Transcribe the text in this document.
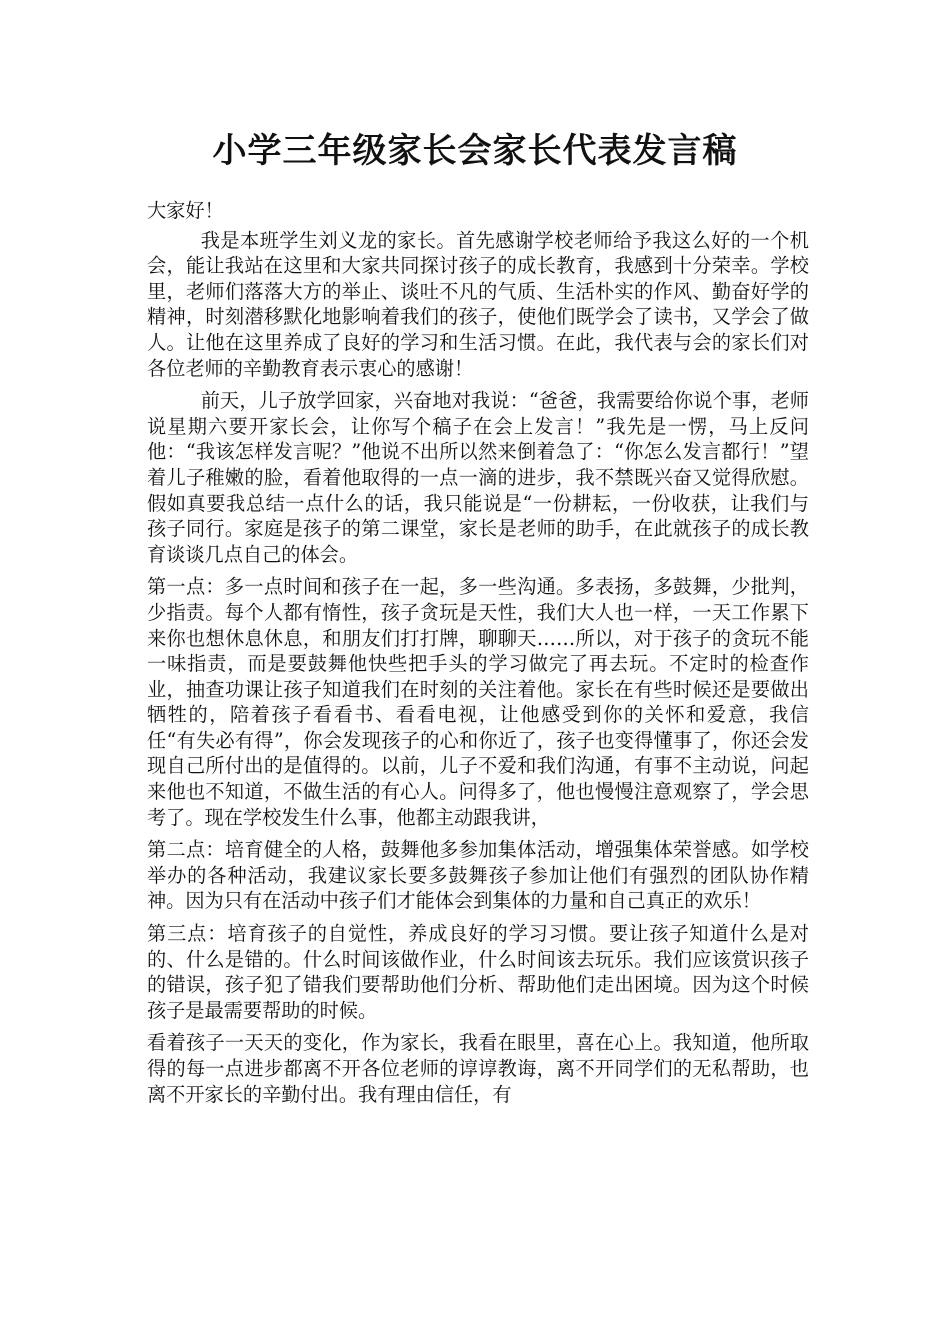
小学三年级家长会家长代表发言稿

大家好！

我是本班学生刘义龙的家长。首先感谢学校老师给予我这么好的一个机会，能让我站在这里和大家共同探讨孩子的成长教育，我感到十分荣幸。学校里，老师们落落大方的举止、谈吐不凡的气质、生活朴实的作风、勤奋好学的精神，时刻潜移默化地影响着我们的孩子，使他们既学会了读书，又学会了做人。让他在这里养成了良好的学习和生活习惯。在此，我代表与会的家长们对各位老师的辛勤教育表示衷心的感谢！

前天，儿子放学回家，兴奋地对我说：“爸爸，我需要给你说个事，老师说星期六要开家长会，让你写个稿子在会上发言！”我先是一愣，马上反问他：“我该怎样发言呢？”他说不出所以然来倒着急了：“你怎么发言都行！”望着儿子稚嫩的脸，看着他取得的一点一滴的进步，我不禁既兴奋又觉得欣慰。假如真要我总结一点什么的话，我只能说是“一份耕耘，一份收获，让我们与孩子同行。家庭是孩子的第二课堂，家长是老师的助手，在此就孩子的成长教育谈谈几点自己的体会。

第一点：多一点时间和孩子在一起，多一些沟通。多表扬，多鼓舞，少批判，少指责。每个人都有惰性，孩子贪玩是天性，我们大人也一样，一天工作累下来你也想休息休息，和朋友们打打牌，聊聊天……所以，对于孩子的贪玩不能一味指责，而是要鼓舞他快些把手头的学习做完了再去玩。不定时的检查作业，抽查功课让孩子知道我们在时刻的关注着他。家长在有些时候还是要做出牺牲的，陪着孩子看看书、看看电视，让他感受到你的关怀和爱意，我信任“有失必有得”，你会发现孩子的心和你近了，孩子也变得懂事了，你还会发现自己所付出的是值得的。以前，儿子不爱和我们沟通，有事不主动说，问起来他也不知道，不做生活的有心人。问得多了，他也慢慢注意观察了，学会思考了。现在学校发生什么事，他都主动跟我讲，

第二点：培育健全的人格，鼓舞他多参加集体活动，增强集体荣誉感。如学校举办的各种活动，我建议家长要多鼓舞孩子参加让他们有强烈的团队协作精神。因为只有在活动中孩子们才能体会到集体的力量和自己真正的欢乐！

第三点：培育孩子的自觉性，养成良好的学习习惯。要让孩子知道什么是对的、什么是错的。什么时间该做作业，什么时间该去玩乐。我们应该赏识孩子的错误，孩子犯了错我们要帮助他们分析、帮助他们走出困境。因为这个时候孩子是最需要帮助的时候。

看着孩子一天天的变化，作为家长，我看在眼里，喜在心上。我知道，他所取得的每一点进步都离不开各位老师的谆谆教诲，离不开同学们的无私帮助，也离不开家长的辛勤付出。我有理由信任，有
